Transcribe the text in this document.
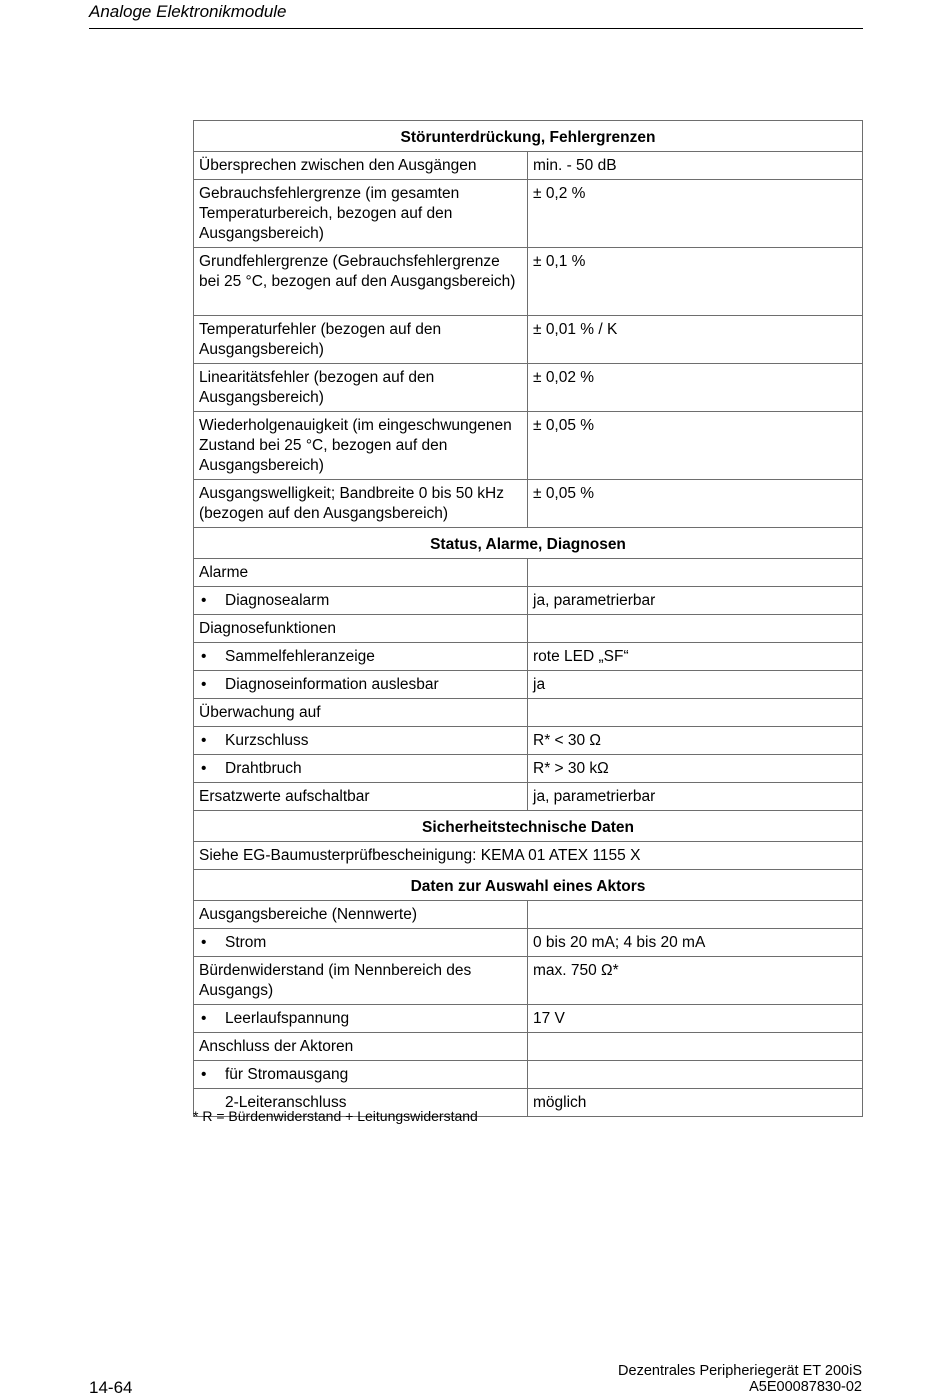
Analoge Elektronikmodule
Störunterdrückung, Fehlergrenzen	
Übersprechen zwischen den Ausgängen	min. - 50 dB
Gebrauchsfehlergrenze (im gesamten Temperaturbereich, bezogen auf den Ausgangsbereich)	± 0,2 %
Grundfehlergrenze (Gebrauchsfehlergrenze bei 25 °C, bezogen auf den Ausgangsbereich)	± 0,1 %
Temperaturfehler (bezogen auf den Ausgangsbereich)	± 0,01 % / K
Linearitätsfehler (bezogen auf den Ausgangsbereich)	± 0,02 %
Wiederholgenauigkeit (im eingeschwungenen Zustand bei 25 °C, bezogen auf den Ausgangsbereich)	± 0,05 %
Ausgangswelligkeit; Bandbreite 0 bis 50 kHz (bezogen auf den Ausgangsbereich)	± 0,05 %
Status, Alarme, Diagnosen	
Alarme	
• Diagnosealarm	ja, parametrierbar
Diagnosefunktionen	
• Sammelfehleranzeige	rote LED „SF“
• Diagnoseinformation auslesbar	ja
Überwachung auf	
• Kurzschluss	R* < 30 Ω
• Drahtbruch	R* > 30 kΩ
Ersatzwerte aufschaltbar	ja, parametrierbar
Sicherheitstechnische Daten	
Siehe EG-Baumusterprüfbescheinigung: KEMA 01 ATEX 1155 X	
Daten zur Auswahl eines Aktors	
Ausgangsbereiche (Nennwerte)	
• Strom	0 bis 20 mA; 4 bis 20 mA
Bürdenwiderstand (im Nennbereich des Ausgangs)	max. 750 Ω*
• Leerlaufspannung	17 V
Anschluss der Aktoren	
• für Stromausgang	
2-Leiteranschluss	möglich
* R = Bürdenwiderstand + Leitungswiderstand
14-64
Dezentrales Peripheriegerät ET 200iS
A5E00087830-02
